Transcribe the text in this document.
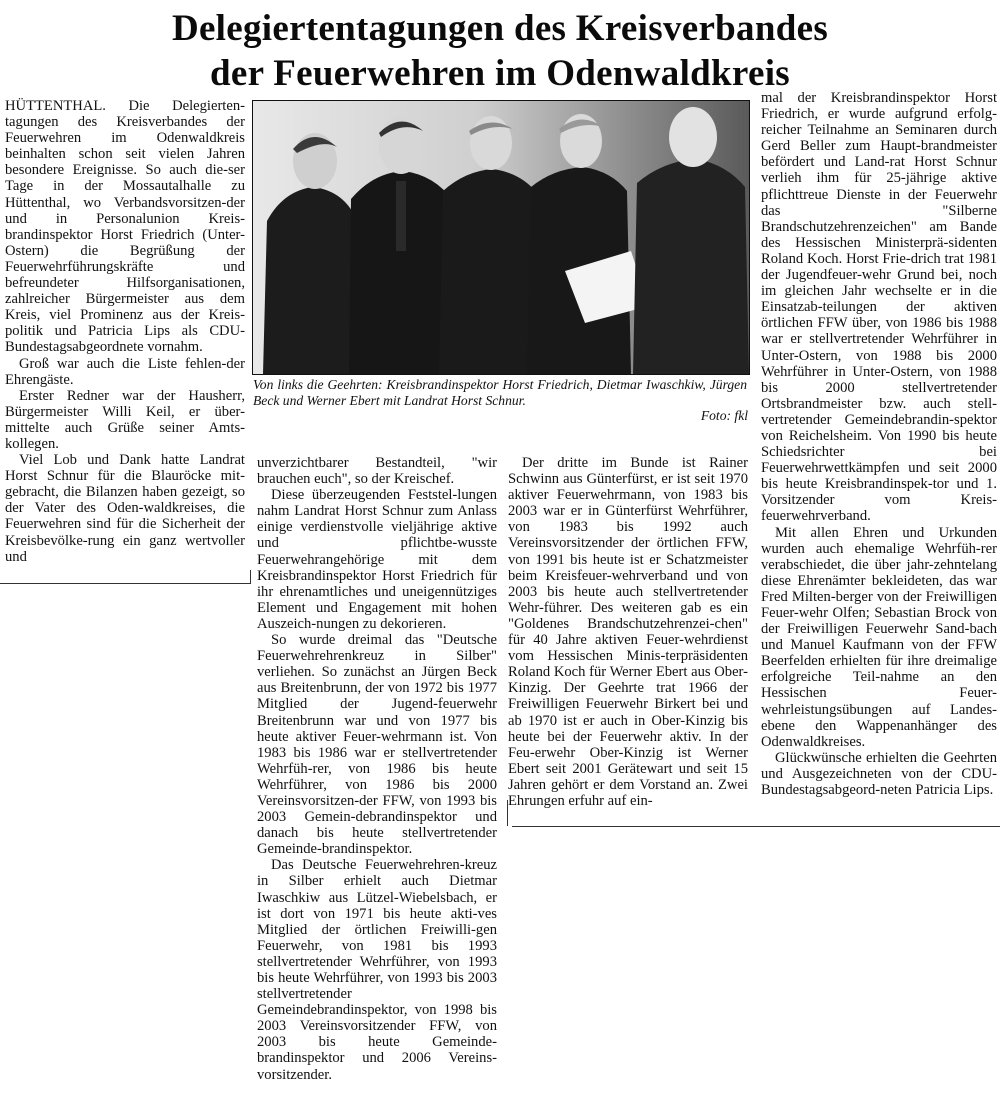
Delegiertentagungen des Kreisverbandes
der Feuerwehren im Odenwaldkreis

HÜTTENTHAL. Die Delegierten-tagungen des Kreisverbandes der Feuerwehren im Odenwaldkreis beinhalten schon seit vielen Jahren besondere Ereignisse. So auch die-ser Tage in der Mossautalhalle zu Hüttenthal, wo Verbandsvorsitzen-der und in Personalunion Kreis-brandinspektor Horst Friedrich (Unter-Ostern) die Begrüßung der Feuerwehrführungskräfte und befreundeter Hilfsorganisationen, zahlreicher Bürgermeister aus dem Kreis, viel Prominenz aus der Kreis-politik und Patricia Lips als CDU-Bundestagsabgeordnete vornahm.

Groß war auch die Liste fehlen-der Ehrengäste.

Erster Redner war der Hausherr, Bürgermeister Willi Keil, er über-mittelte auch Grüße seiner Amts-kollegen.

Viel Lob und Dank hatte Landrat Horst Schnur für die Blauröcke mit-gebracht, die Bilanzen haben gezeigt, so der Vater des Oden-waldkreises, die Feuerwehren sind für die Sicherheit der Kreisbevölke-rung ein ganz wertvoller und

Von links die Geehrten: Kreisbrandinspektor Horst Friedrich, Dietmar Iwaschkiw, Jürgen Beck und Werner Ebert mit Landrat Horst Schnur.
Foto: fkl

unverzichtbarer Bestandteil, "wir brauchen euch", so der Kreischef.

Diese überzeugenden Feststel-lungen nahm Landrat Horst Schnur zum Anlass einige verdienstvolle vieljährige aktive und pflichtbe-wusste Feuerwehrangehörige mit dem Kreisbrandinspektor Horst Friedrich für ihr ehrenamtliches und uneigennütziges Element und Engagement mit hohen Auszeich-nungen zu dekorieren.

So wurde dreimal das "Deutsche Feuerwehrehrenkreuz in Silber" verliehen. So zunächst an Jürgen Beck aus Breitenbrunn, der von 1972 bis 1977 Mitglied der Jugend-feuerwehr Breitenbrunn war und von 1977 bis heute aktiver Feuer-wehrmann ist. Von 1983 bis 1986 war er stellvertretender Wehrfüh-rer, von 1986 bis heute Wehrführer, von 1986 bis 2000 Vereinsvorsitzen-der FFW, von 1993 bis 2003 Gemein-debrandinspektor und danach bis heute stellvertretender Gemeinde-brandinspektor.

Das Deutsche Feuerwehrehren-kreuz in Silber erhielt auch Dietmar Iwaschkiw aus Lützel-Wiebelsbach, er ist dort von 1971 bis heute akti-ves Mitglied der örtlichen Freiwilli-gen Feuerwehr, von 1981 bis 1993 stellvertretender Wehrführer, von 1993 bis heute Wehrführer, von 1993 bis 2003 stellvertretender Gemeindebrandinspektor, von 1998 bis 2003 Vereinsvorsitzender FFW, von 2003 bis heute Gemeinde-brandinspektor und 2006 Vereins-vorsitzender.

Der dritte im Bunde ist Rainer Schwinn aus Günterfürst, er ist seit 1970 aktiver Feuerwehrmann, von 1983 bis 2003 war er in Günterfürst Wehrführer, von 1983 bis 1992 auch Vereinsvorsitzender der örtlichen FFW, von 1991 bis heute ist er Schatzmeister beim Kreisfeuer-wehrverband und von 2003 bis heute auch stellvertretender Wehr-führer. Des weiteren gab es ein "Goldenes Brandschutzehrenzei-chen" für 40 Jahre aktiven Feuer-wehrdienst vom Hessischen Minis-terpräsidenten Roland Koch für Werner Ebert aus Ober-Kinzig. Der Geehrte trat 1966 der Freiwilligen Feuerwehr Birkert bei und ab 1970 ist er auch in Ober-Kinzig bis heute bei der Feuerwehr aktiv. In der Feu-erwehr Ober-Kinzig ist Werner Ebert seit 2001 Gerätewart und seit 15 Jahren gehört er dem Vorstand an. Zwei Ehrungen erfuhr auf ein-

mal der Kreisbrandinspektor Horst Friedrich, er wurde aufgrund erfolg-reicher Teilnahme an Seminaren durch Gerd Beller zum Haupt-brandmeister befördert und Land-rat Horst Schnur verlieh ihm für 25-jährige aktive pflichttreue Dienste in der Feuerwehr das "Silberne Brandschutzehrenzeichen" am Bande des Hessischen Ministerprä-sidenten Roland Koch. Horst Frie-drich trat 1981 der Jugendfeuer-wehr Grund bei, noch im gleichen Jahr wechselte er in die Einsatzab-teilungen der aktiven örtlichen FFW über, von 1986 bis 1988 war er stellvertretender Wehrführer in Unter-Ostern, von 1988 bis 2000 Wehrführer in Unter-Ostern, von 1988 bis 2000 stellvertretender Ortsbrandmeister bzw. auch stell-vertretender Gemeindebrandin-spektor von Reichelsheim. Von 1990 bis heute Schiedsrichter bei Feuerwehrwettkämpfen und seit 2000 bis heute Kreisbrandinspek-tor und 1. Vorsitzender vom Kreis-feuerwehrverband.

Mit allen Ehren und Urkunden wurden auch ehemalige Wehrfüh-rer verabschiedet, die über jahr-zehntelang diese Ehrenämter bekleideten, das war Fred Milten-berger von der Freiwilligen Feuer-wehr Olfen; Sebastian Brock von der Freiwilligen Feuerwehr Sand-bach und Manuel Kaufmann von der FFW Beerfelden erhielten für ihre dreimalige erfolgreiche Teil-nahme an den Hessischen Feuer-wehrleistungsübungen auf Landes-ebene den Wappenanhänger des Odenwaldkreises.

Glückwünsche erhielten die Geehrten und Ausgezeichneten von der CDU-Bundestagsabgeord-neten Patricia Lips.
